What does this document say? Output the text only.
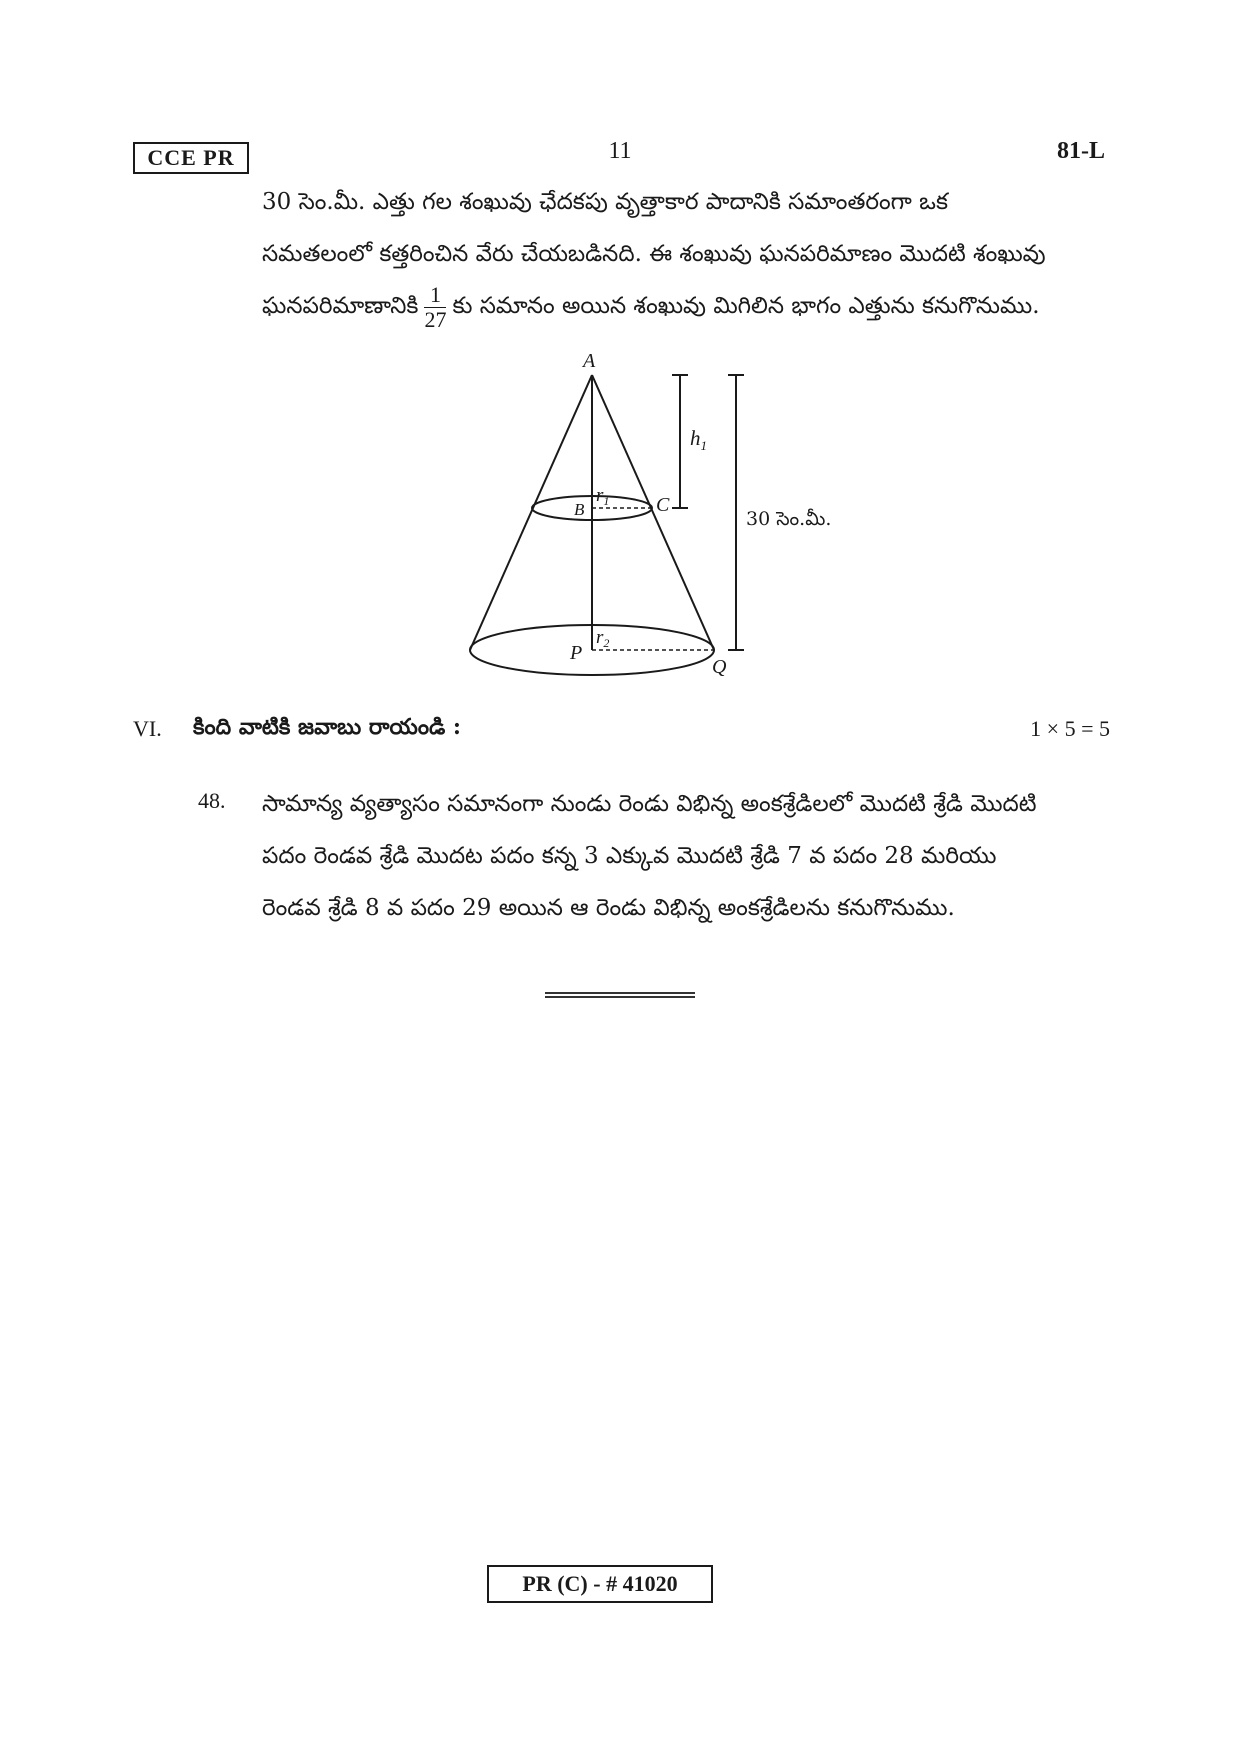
CCE PR	11	81-L
30 సెం.మీ. ఎత్తు గల శంఖువు ఛేదకపు వృత్తాకార పాదానికి సమాంతరంగా ఒక
సమతలంలో కత్తరించిన వేరు చేయబడినది. ఈ శంఖువు ఘనపరిమాణం మొదటి శంఖువు
ఘనపరిమాణానికి $\frac{1}{27}$ కు సమానం అయిన శంఖువు మిగిలిన భాగం ఎత్తును కనుగొనుము.
A
B	C
P
Q
$r_1$
$r_2$
$h_1$
30 సెం.మీ.
VI. కింది వాటికి జవాబు రాయండి :	1 × 5 = 5
48. సామాన్య వ్యత్యాసం సమానంగా నుండు రెండు విభిన్న అంకశ్రేడిలలో మొదటి శ్రేడి మొదటి
పదం రెండవ శ్రేడి మొదట పదం కన్న 3 ఎక్కువ మొదటి శ్రేడి 7 వ పదం 28 మరియు
రెండవ శ్రేడి 8 వ పదం 29 అయిన ఆ రెండు విభిన్న అంకశ్రేడిలను కనుగొనుము.
PR (C) - # 41020
